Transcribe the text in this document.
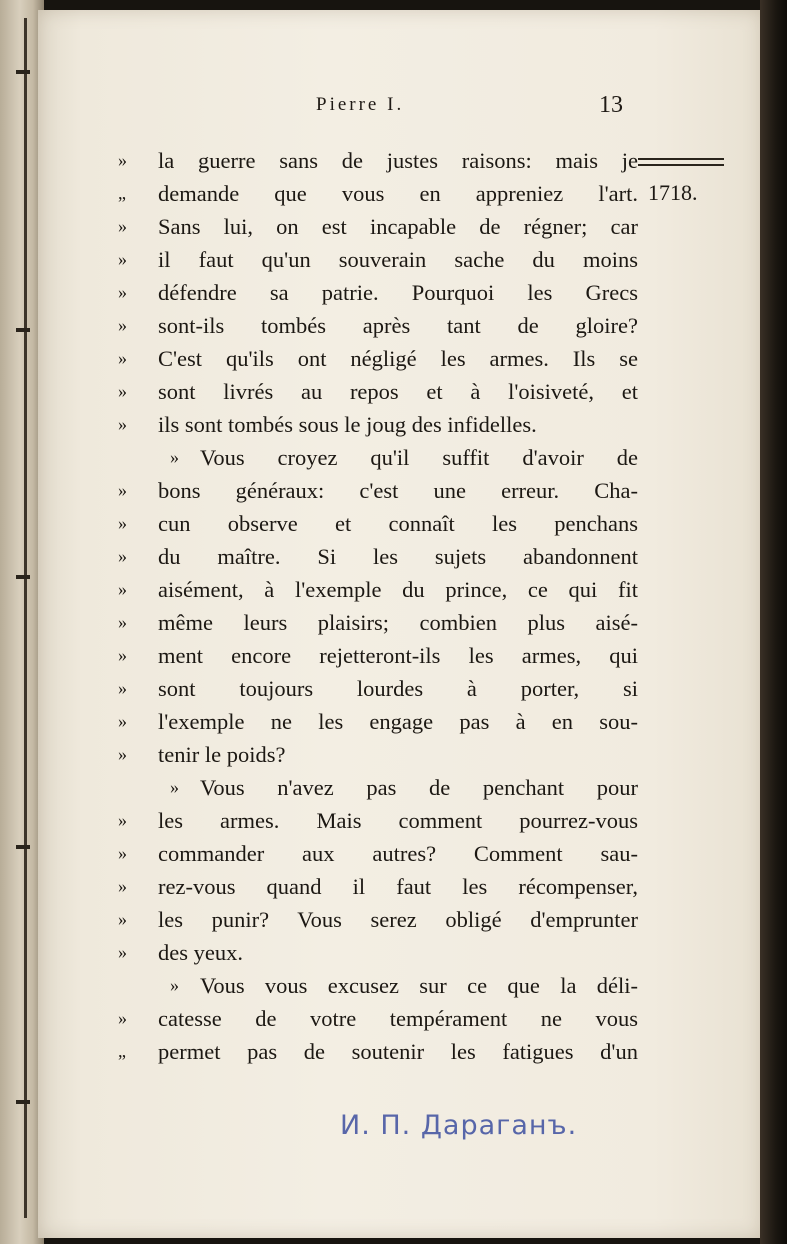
Pierre I.	13
1718.
»	la guerre sans de justes raisons: mais je
„	demande que vous en appreniez l'art.
»	Sans lui, on est incapable de régner; car
»	il faut qu'un souverain sache du moins
»	défendre sa patrie. Pourquoi les Grecs
»	sont-ils tombés après tant de gloire?
»	C'est qu'ils ont négligé les armes. Ils se
»	sont livrés au repos et à l'oisiveté, et
»	ils sont tombés sous le joug des infidelles.
» Vous croyez qu'il suffit d'avoir de
»	bons généraux: c'est une erreur. Cha-
»	cun observe et connaît les penchans
»	du maître. Si les sujets abandonnent
»	aisément, à l'exemple du prince, ce qui fit
»	même leurs plaisirs; combien plus aisé-
»	ment encore rejetteront-ils les armes, qui
»	sont toujours lourdes à porter, si
»	l'exemple ne les engage pas à en sou-
»	tenir le poids?
» Vous n'avez pas de penchant pour
»	les armes. Mais comment pourrez-vous
»	commander aux autres? Comment sau-
»	rez-vous quand il faut les récompenser,
»	les punir? Vous serez obligé d'emprunter
»	des yeux.
» Vous vous excusez sur ce que la déli-
»	catesse de votre tempérament ne vous
„	permet pas de soutenir les fatigues d'un
И. П. Дараганъ.
